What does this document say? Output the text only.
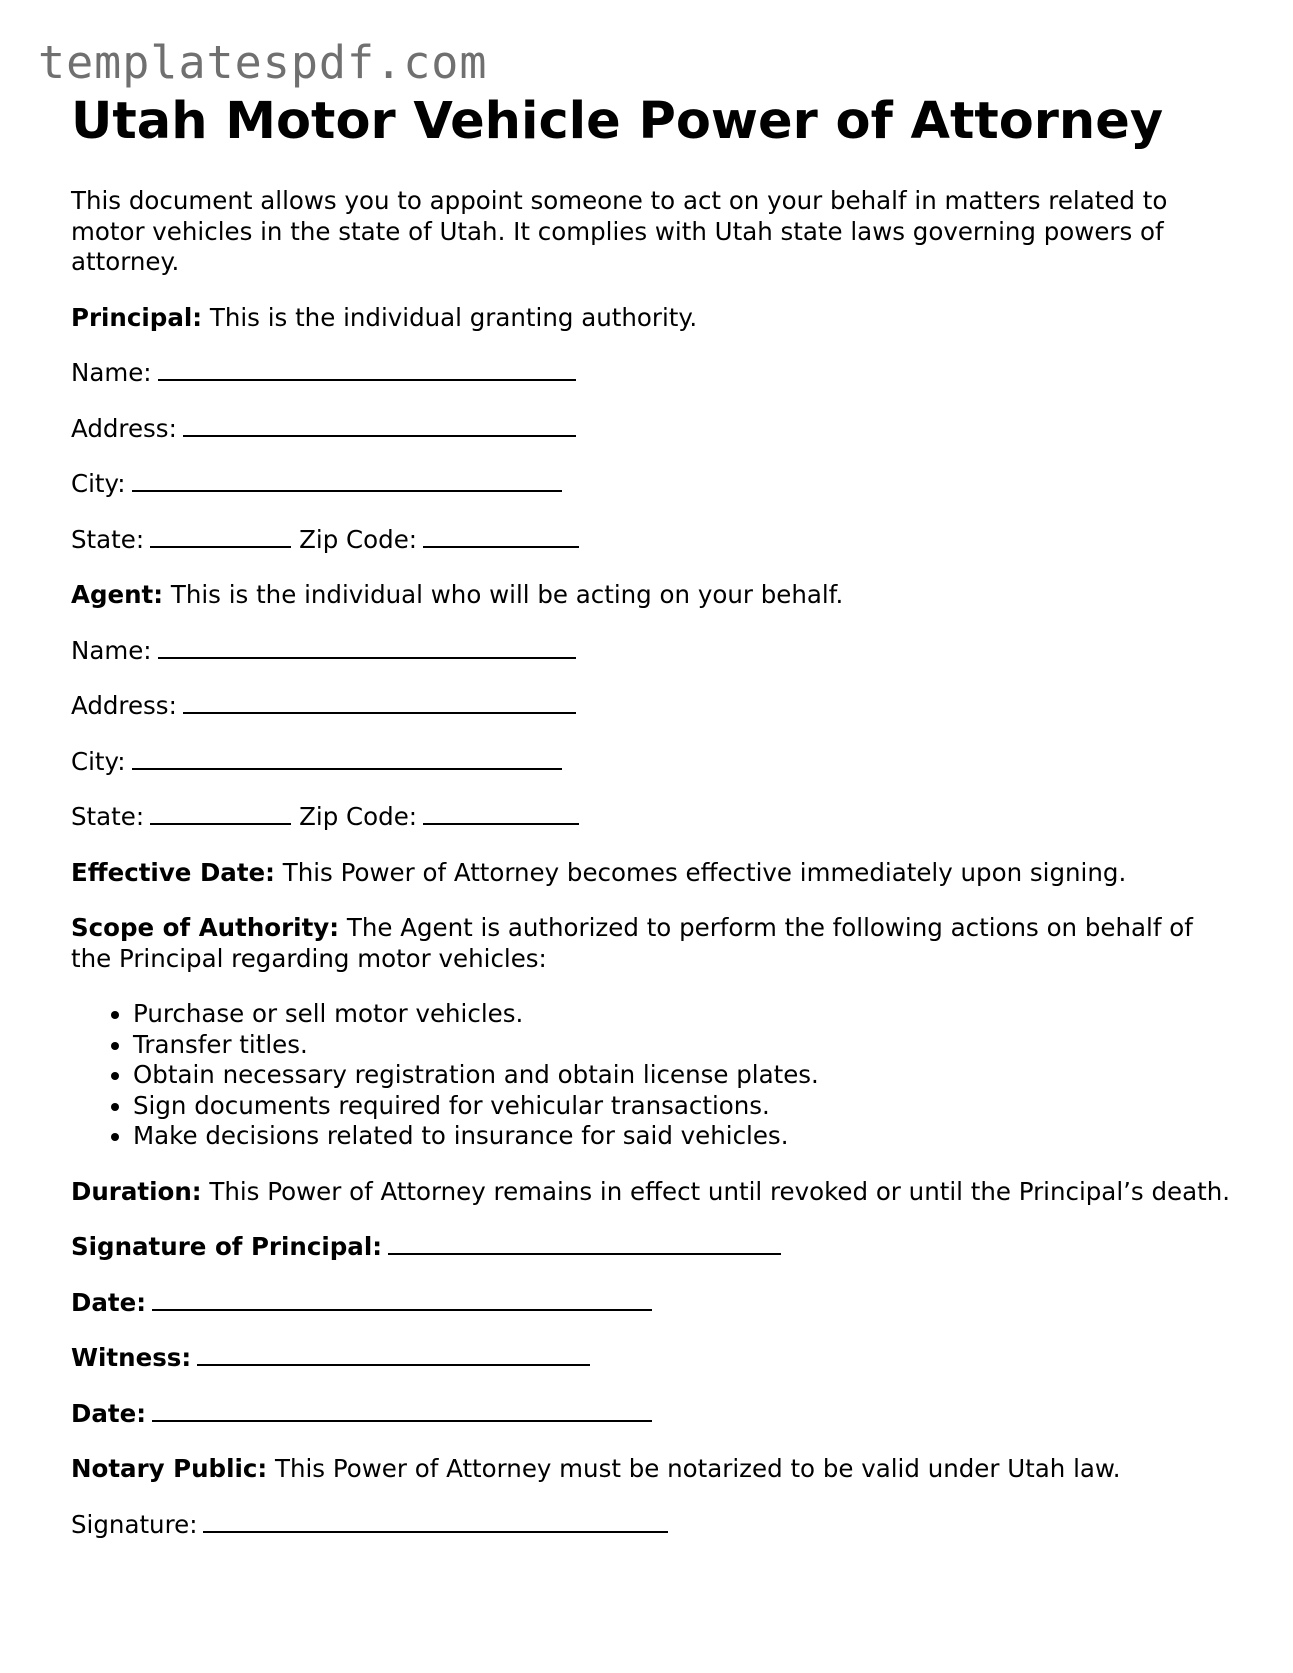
templatespdf.com
Utah Motor Vehicle Power of Attorney

This document allows you to appoint someone to act on your behalf in matters related to motor vehicles in the state of Utah. It complies with Utah state laws governing powers of attorney.

Principal: This is the individual granting authority.

Name:

Address:

City:

State:	Zip Code:

Agent: This is the individual who will be acting on your behalf.

Name:

Address:

City:

State:	Zip Code:

Effective Date: This Power of Attorney becomes effective immediately upon signing.

Scope of Authority: The Agent is authorized to perform the following actions on behalf of the Principal regarding motor vehicles:

• Purchase or sell motor vehicles.
• Transfer titles.
• Obtain necessary registration and obtain license plates.
• Sign documents required for vehicular transactions.
• Make decisions related to insurance for said vehicles.

Duration: This Power of Attorney remains in effect until revoked or until the Principal’s death.

Signature of Principal:

Date:

Witness:

Date:

Notary Public: This Power of Attorney must be notarized to be valid under Utah law.

Signature:
